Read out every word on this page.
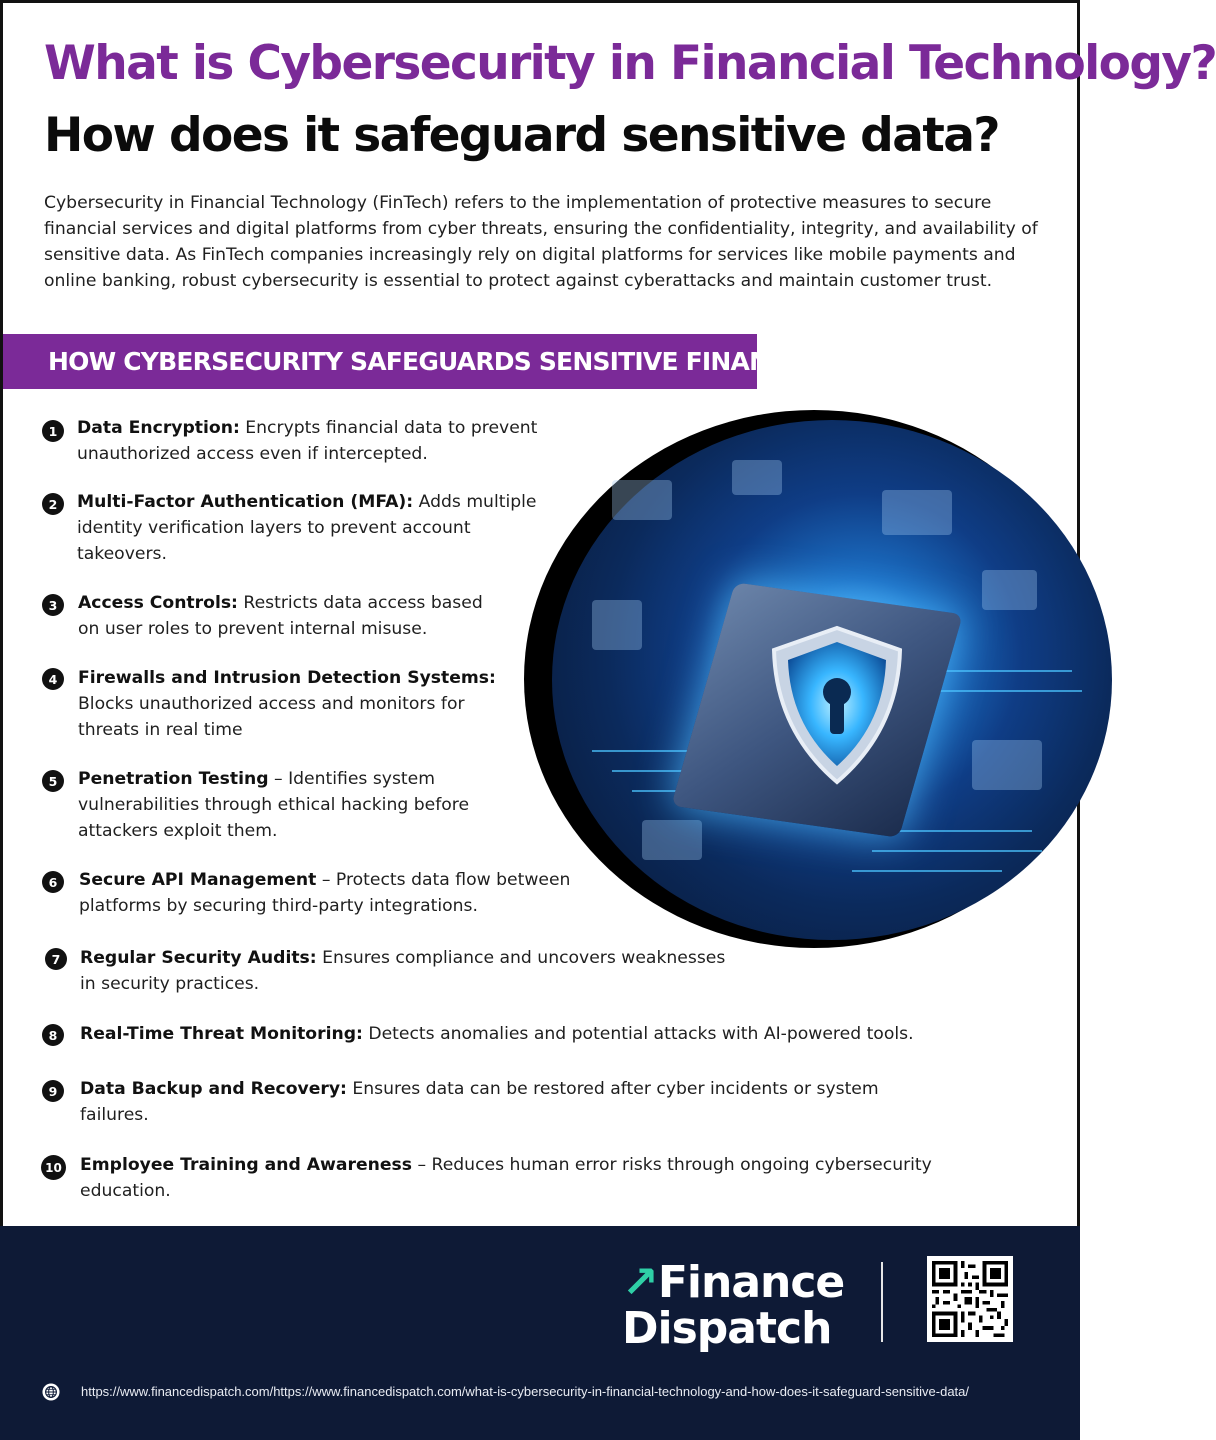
What is Cybersecurity in Financial Technology?
How does it safeguard sensitive data?

Cybersecurity in Financial Technology (FinTech) refers to the implementation of protective measures to secure financial services and digital platforms from cyber threats, ensuring the confidentiality, integrity, and availability of sensitive data. As FinTech companies increasingly rely on digital platforms for services like mobile payments and online banking, robust cybersecurity is essential to protect against cyberattacks and maintain customer trust.

HOW CYBERSECURITY SAFEGUARDS SENSITIVE FINANCIAL DATA
1	Data Encryption: Encrypts financial data to prevent unauthorized access even if intercepted.
2	Multi-Factor Authentication (MFA): Adds multiple identity verification layers to prevent account takeovers.
3	Access Controls: Restricts data access based on user roles to prevent internal misuse.
4	Firewalls and Intrusion Detection Systems: Blocks unauthorized access and monitors for threats in real time
5	Penetration Testing – Identifies system vulnerabilities through ethical hacking before attackers exploit them.
6	Secure API Management – Protects data flow between platforms by securing third-party integrations.
7	Regular Security Audits: Ensures compliance and uncovers weaknesses in security practices.
8	Real-Time Threat Monitoring: Detects anomalies and potential attacks with AI-powered tools.
9	Data Backup and Recovery: Ensures data can be restored after cyber incidents or system failures.
10 Employee Training and Awareness – Reduces human error risks through ongoing cybersecurity education.
↗Finance
Dispatch
https://www.financedispatch.com/https://www.financedispatch.com/what-is-cybersecurity-in-financial-technology-and-how-does-it-safeguard-sensitive-data/
